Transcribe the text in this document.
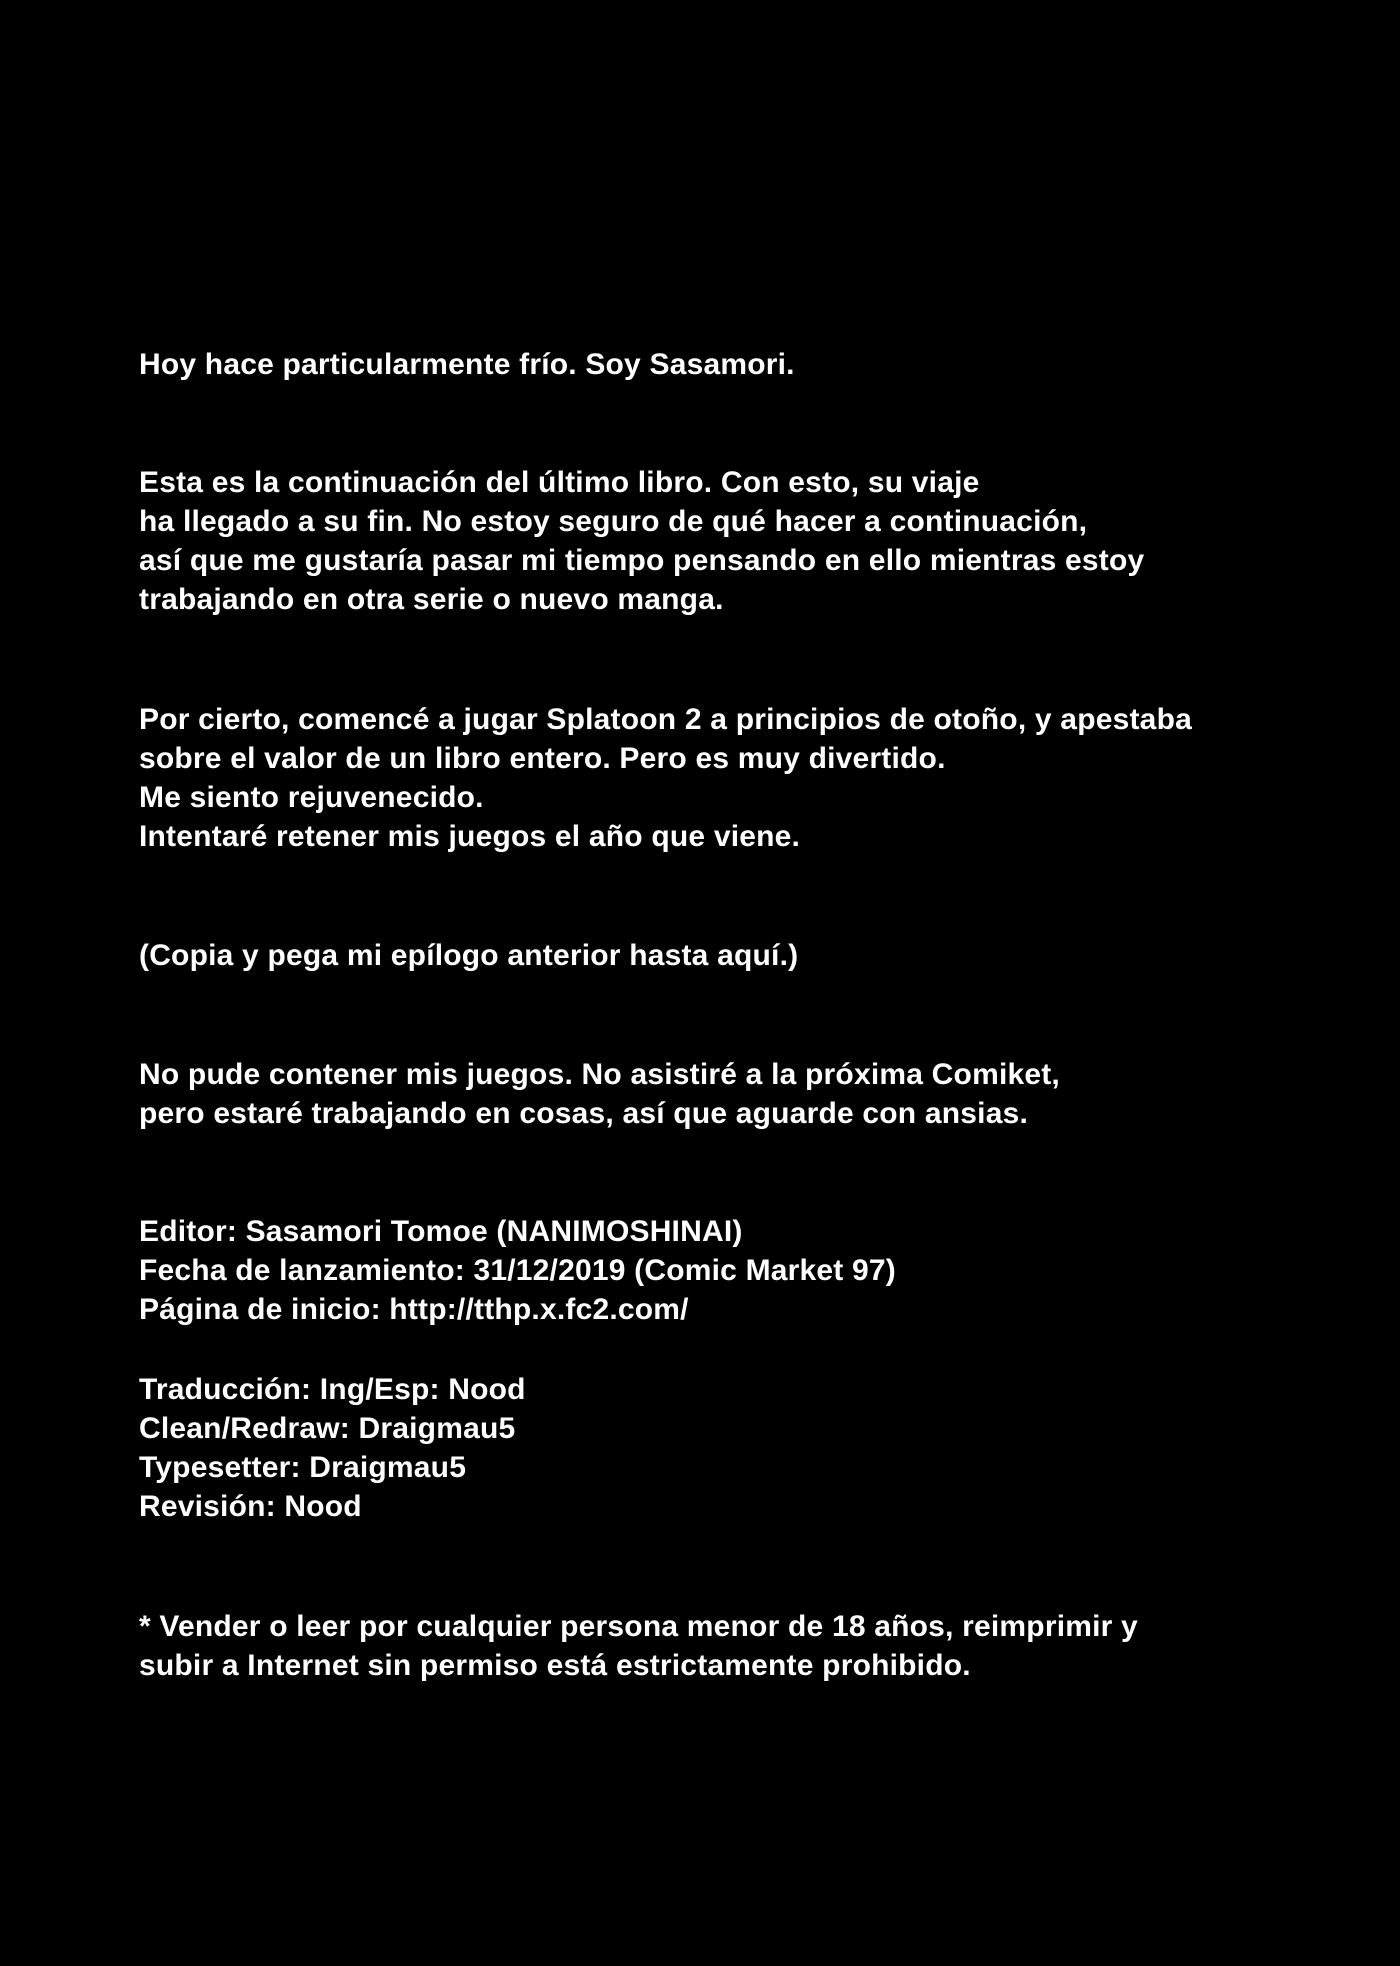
Hoy hace particularmente frío. Soy Sasamori.

Esta es la continuación del último libro. Con esto, su viaje
ha llegado a su fin. No estoy seguro de qué hacer a continuación,
así que me gustaría pasar mi tiempo pensando en ello mientras estoy
trabajando en otra serie o nuevo manga.

Por cierto, comencé a jugar Splatoon 2 a principios de otoño, y apestaba
sobre el valor de un libro entero. Pero es muy divertido.
Me siento rejuvenecido.
Intentaré retener mis juegos el año que viene.

(Copia y pega mi epílogo anterior hasta aquí.)

No pude contener mis juegos. No asistiré a la próxima Comiket,
pero estaré trabajando en cosas, así que aguarde con ansias.

Editor: Sasamori Tomoe (NANIMOSHINAI)
Fecha de lanzamiento: 31/12/2019 (Comic Market 97)
Página de inicio: http://tthp.x.fc2.com/

Traducción: Ing/Esp: Nood
Clean/Redraw: Draigmau5
Typesetter: Draigmau5
Revisión: Nood

* Vender o leer por cualquier persona menor de 18 años, reimprimir y
subir a Internet sin permiso está estrictamente prohibido.
